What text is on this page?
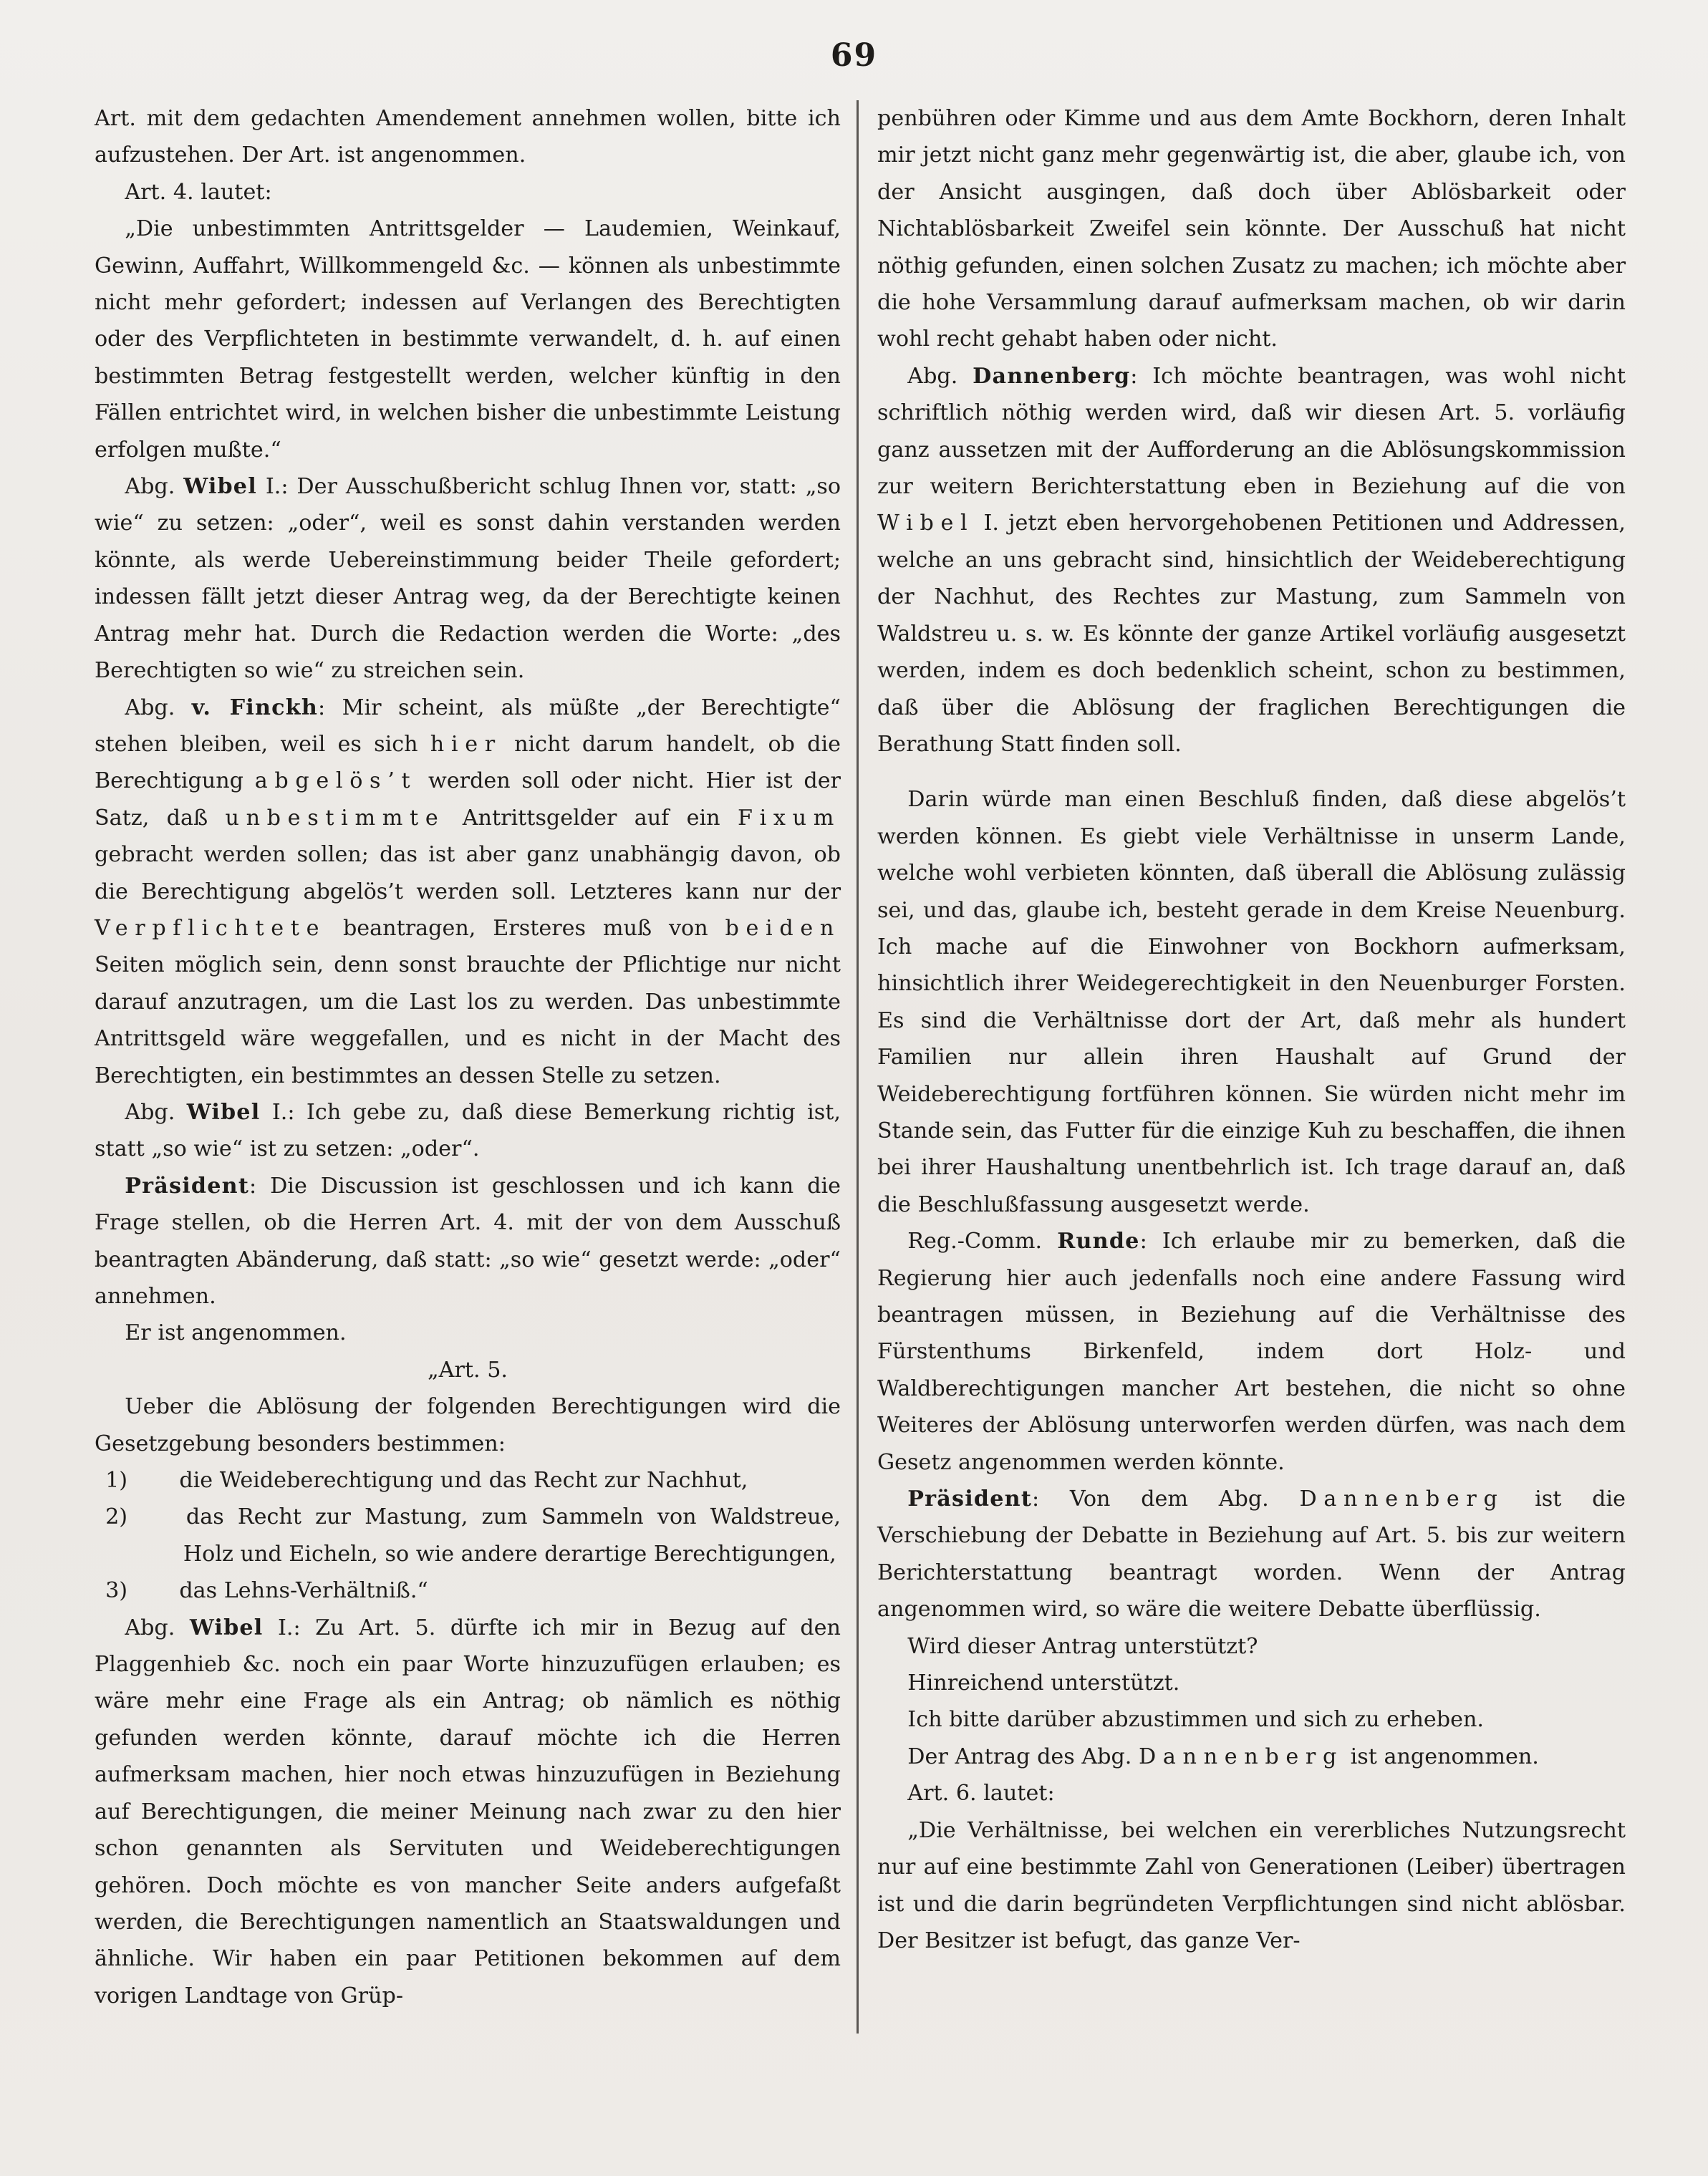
69

Art. mit dem gedachten Amendement annehmen wollen, bitte ich aufzustehen. Der Art. ist angenommen.

Art. 4. lautet:

„Die unbestimmten Antrittsgelder — Laudemien, Weinkauf, Gewinn, Auffahrt, Willkommengeld &c. — können als unbestimmte nicht mehr gefordert; indessen auf Verlangen des Berechtigten oder des Verpflichteten in bestimmte verwandelt, d. h. auf einen bestimmten Betrag festgestellt werden, welcher künftig in den Fällen entrichtet wird, in welchen bisher die unbestimmte Leistung erfolgen mußte.“

Abg. Wibel I.: Der Ausschußbericht schlug Ihnen vor, statt: „so wie“ zu setzen: „oder“, weil es sonst dahin verstanden werden könnte, als werde Uebereinstimmung beider Theile gefordert; indessen fällt jetzt dieser Antrag weg, da der Berechtigte keinen Antrag mehr hat. Durch die Redaction werden die Worte: „des Berechtigten so wie“ zu streichen sein.

Abg. v. Finckh: Mir scheint, als müßte „der Berechtigte“ stehen bleiben, weil es sich hier nicht darum handelt, ob die Berechtigung abgelös’t werden soll oder nicht. Hier ist der Satz, daß unbestimmte Antrittsgelder auf ein Fixum gebracht werden sollen; das ist aber ganz unabhängig davon, ob die Berechtigung abgelös’t werden soll. Letzteres kann nur der Verpflichtete beantragen, Ersteres muß von beiden Seiten möglich sein, denn sonst brauchte der Pflichtige nur nicht darauf anzutragen, um die Last los zu werden. Das unbestimmte Antrittsgeld wäre weggefallen, und es nicht in der Macht des Berechtigten, ein bestimmtes an dessen Stelle zu setzen.

Abg. Wibel I.: Ich gebe zu, daß diese Bemerkung richtig ist, statt „so wie“ ist zu setzen: „oder“.

Präsident: Die Discussion ist geschlossen und ich kann die Frage stellen, ob die Herren Art. 4. mit der von dem Ausschuß beantragten Abänderung, daß statt: „so wie“ gesetzt werde: „oder“ annehmen.

Er ist angenommen.

„Art. 5.

Ueber die Ablösung der folgenden Berechtigungen wird die Gesetzgebung besonders bestimmen:

1) die Weideberechtigung und das Recht zur Nachhut,
2)	das Recht zur Mastung, zum Sammeln von Waldstreue, Holz und Eicheln, so wie andere derartige Berechtigungen,
3) das Lehns-Verhältniß.“

Abg. Wibel I.: Zu Art. 5. dürfte ich mir in Bezug auf den Plaggenhieb &c. noch ein paar Worte hinzuzufügen erlauben; es wäre mehr eine Frage als ein Antrag; ob nämlich es nöthig gefunden werden könnte, darauf möchte ich die Herren aufmerksam machen, hier noch etwas hinzuzufügen in Beziehung auf Berechtigungen, die meiner Meinung nach zwar zu den hier schon genannten als Servituten und Weideberechtigungen gehören. Doch möchte es von mancher Seite anders aufgefaßt werden, die Berechtigungen namentlich an Staatswaldungen und ähnliche. Wir haben ein paar Petitionen bekommen auf dem vorigen Landtage von Grüp-

penbühren oder Kimme und aus dem Amte Bockhorn, deren Inhalt mir jetzt nicht ganz mehr gegenwärtig ist, die aber, glaube ich, von der Ansicht ausgingen, daß doch über Ablösbarkeit oder Nichtablösbarkeit Zweifel sein könnte. Der Ausschuß hat nicht nöthig gefunden, einen solchen Zusatz zu machen; ich möchte aber die hohe Versammlung darauf aufmerksam machen, ob wir darin wohl recht gehabt haben oder nicht.

Abg. Dannenberg: Ich möchte beantragen, was wohl nicht schriftlich nöthig werden wird, daß wir diesen Art. 5. vorläufig ganz aussetzen mit der Aufforderung an die Ablösungskommission zur weitern Berichterstattung eben in Beziehung auf die von Wibel I. jetzt eben hervorgehobenen Petitionen und Addressen, welche an uns gebracht sind, hinsichtlich der Weideberechtigung der Nachhut, des Rechtes zur Mastung, zum Sammeln von Waldstreu u. s. w. Es könnte der ganze Artikel vorläufig ausgesetzt werden, indem es doch bedenklich scheint, schon zu bestimmen, daß über die Ablösung der fraglichen Berechtigungen die Berathung Statt finden soll.

Darin würde man einen Beschluß finden, daß diese abgelös’t werden können. Es giebt viele Verhältnisse in unserm Lande, welche wohl verbieten könnten, daß überall die Ablösung zulässig sei, und das, glaube ich, besteht gerade in dem Kreise Neuenburg. Ich mache auf die Einwohner von Bockhorn aufmerksam, hinsichtlich ihrer Weidegerechtigkeit in den Neuenburger Forsten. Es sind die Verhältnisse dort der Art, daß mehr als hundert Familien nur allein ihren Haushalt auf Grund der Weideberechtigung fortführen können. Sie würden nicht mehr im Stande sein, das Futter für die einzige Kuh zu beschaffen, die ihnen bei ihrer Haushaltung unentbehrlich ist. Ich trage darauf an, daß die Beschlußfassung ausgesetzt werde.

Reg.-Comm. Runde: Ich erlaube mir zu bemerken, daß die Regierung hier auch jedenfalls noch eine andere Fassung wird beantragen müssen, in Beziehung auf die Verhältnisse des Fürstenthums Birkenfeld, indem dort Holz- und Waldberechtigungen mancher Art bestehen, die nicht so ohne Weiteres der Ablösung unterworfen werden dürfen, was nach dem Gesetz angenommen werden könnte.

Präsident: Von dem Abg. Dannenberg ist die Verschiebung der Debatte in Beziehung auf Art. 5. bis zur weitern Berichterstattung beantragt worden. Wenn der Antrag angenommen wird, so wäre die weitere Debatte überflüssig.

Wird dieser Antrag unterstützt?

Hinreichend unterstützt.

Ich bitte darüber abzustimmen und sich zu erheben.

Der Antrag des Abg. Dannenberg ist angenommen.

Art. 6. lautet:

„Die Verhältnisse, bei welchen ein vererbliches Nutzungsrecht nur auf eine bestimmte Zahl von Generationen (Leiber) übertragen ist und die darin begründeten Verpflichtungen sind nicht ablösbar. Der Besitzer ist befugt, das ganze Ver-
